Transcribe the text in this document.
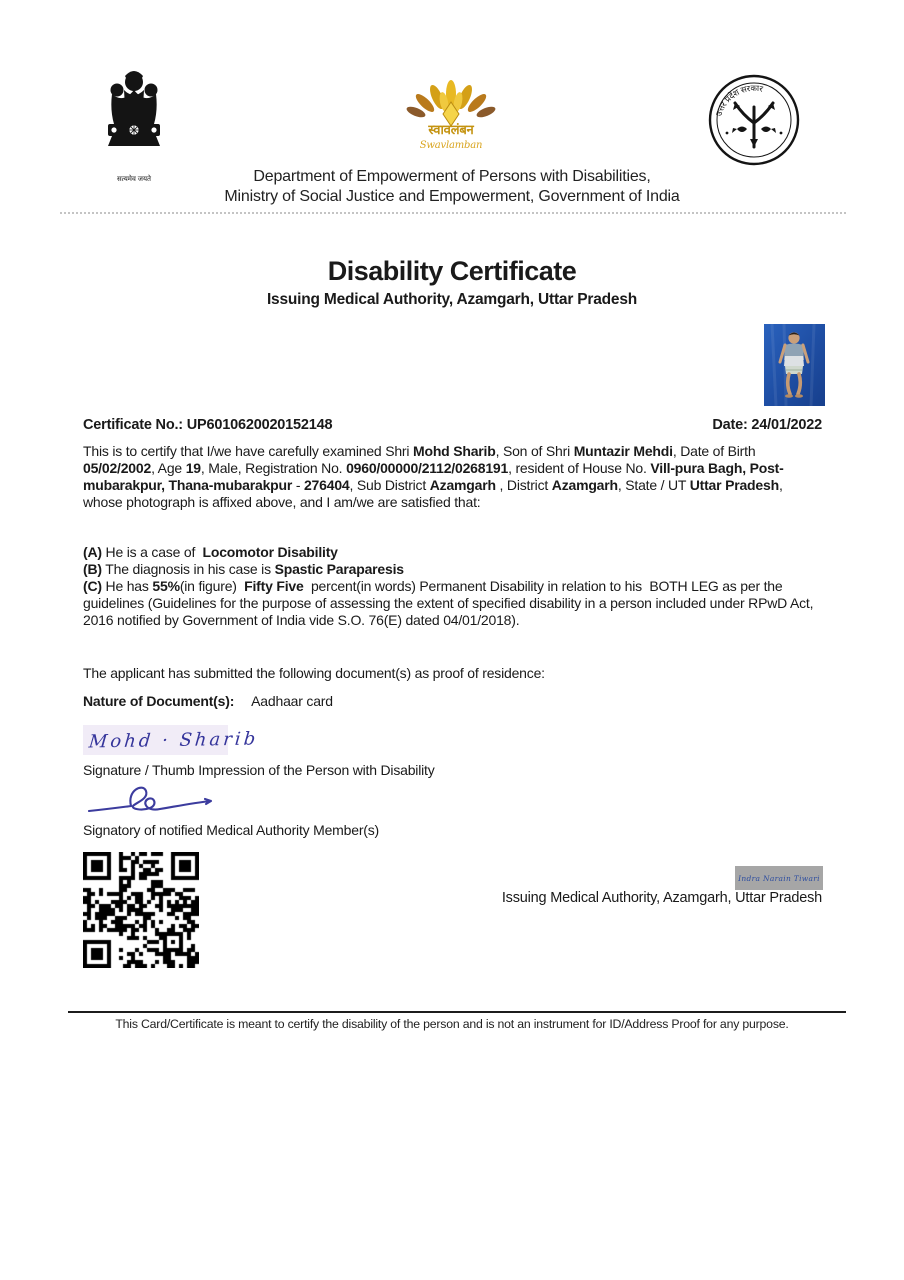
सत्यमेव जयते
स्वावलंबन
Swavlamban
उत्तर प्रदेश सरकार
Department of Empowerment of Persons with Disabilities,
Ministry of Social Justice and Empowerment, Government of India
Disability Certificate
Issuing Medical Authority, Azamgarh, Uttar Pradesh
Certificate No.: UP6010620020152148	Date: 24/01/2022

This is to certify that I/we have carefully examined Shri Mohd Sharib, Son of Shri Muntazir Mehdi, Date of Birth 05/02/2002, Age 19, Male, Registration No. 0960/00000/2112/0268191, resident of House No. Vill-pura Bagh, Post-mubarakpur, Thana-mubarakpur - 276404, Sub District Azamgarh , District Azamgarh, State / UT Uttar Pradesh, whose photograph is affixed above, and I am/we are satisfied that:

(A) He is a case of  Locomotor Disability

(B) The diagnosis in his case is Spastic Paraparesis

(C) He has 55%(in figure)  Fifty Five  percent(in words) Permanent Disability in relation to his  BOTH LEG as per the guidelines (Guidelines for the purpose of assessing the extent of specified disability in a person included under RPwD Act, 2016 notified by Government of India vide S.O. 76(E) dated 04/01/2018).

The applicant has submitted the following document(s) as proof of residence:

Nature of Document(s): Aadhaar card
Mohd · Sharib
Signature / Thumb Impression of the Person with Disability
Signatory of notified Medical Authority Member(s)
Indra Narain Tiwari
Issuing Medical Authority, Azamgarh, Uttar Pradesh
This Card/Certificate is meant to certify the disability of the person and is not an instrument for ID/Address Proof for any purpose.
